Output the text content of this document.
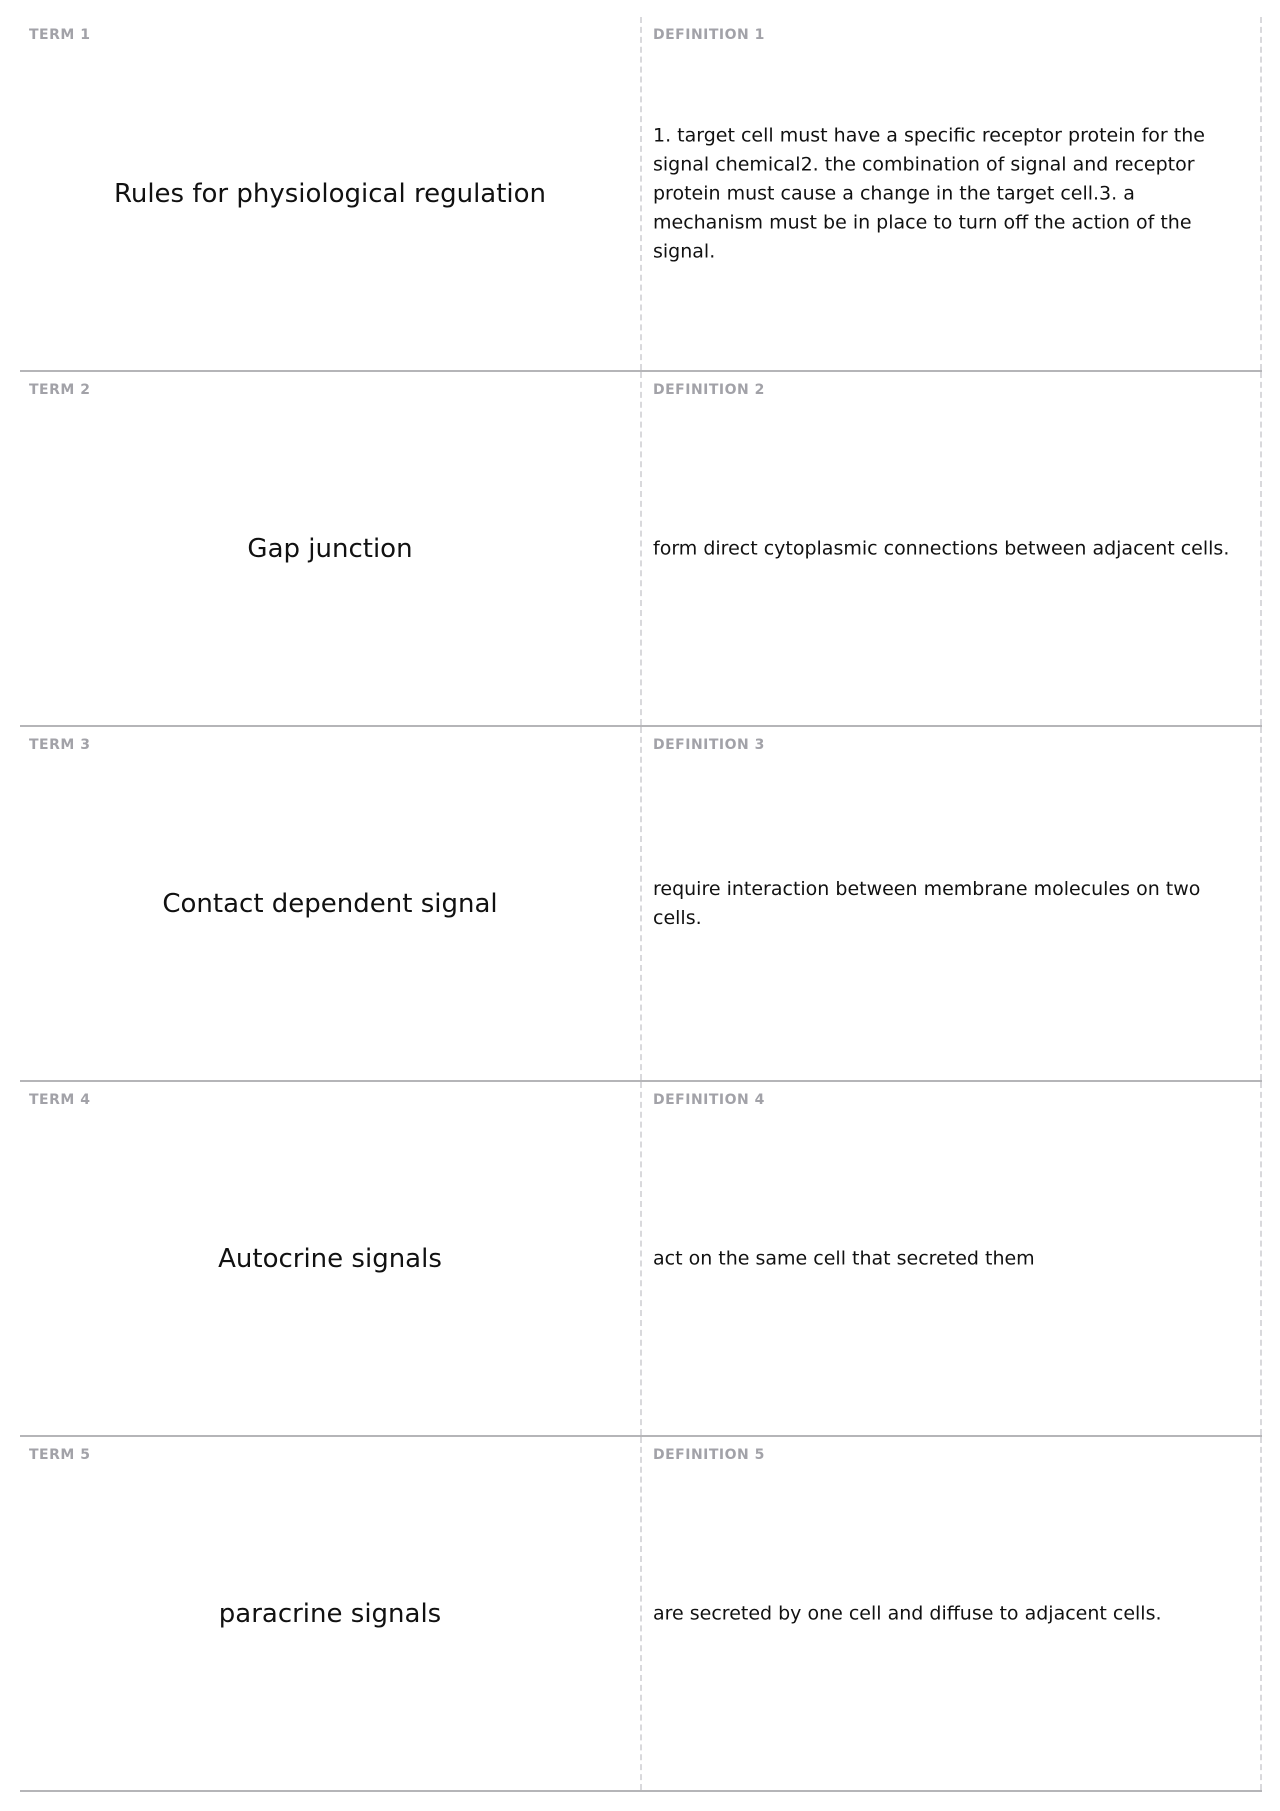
TERM 1
Rules for physiological regulation
DEFINITION 1
1. target cell must have a specific receptor protein for the signal chemical2. the combination of signal and receptor protein must cause a change in the target cell.3. a mechanism must be in place to turn off the action of the signal.
TERM 2
Gap junction
DEFINITION 2
form direct cytoplasmic connections between adjacent cells.
TERM 3
Contact dependent signal
DEFINITION 3
require interaction between membrane molecules on two cells.
TERM 4
Autocrine signals
DEFINITION 4
act on the same cell that secreted them
TERM 5
paracrine signals
DEFINITION 5
are secreted by one cell and diffuse to adjacent cells.
